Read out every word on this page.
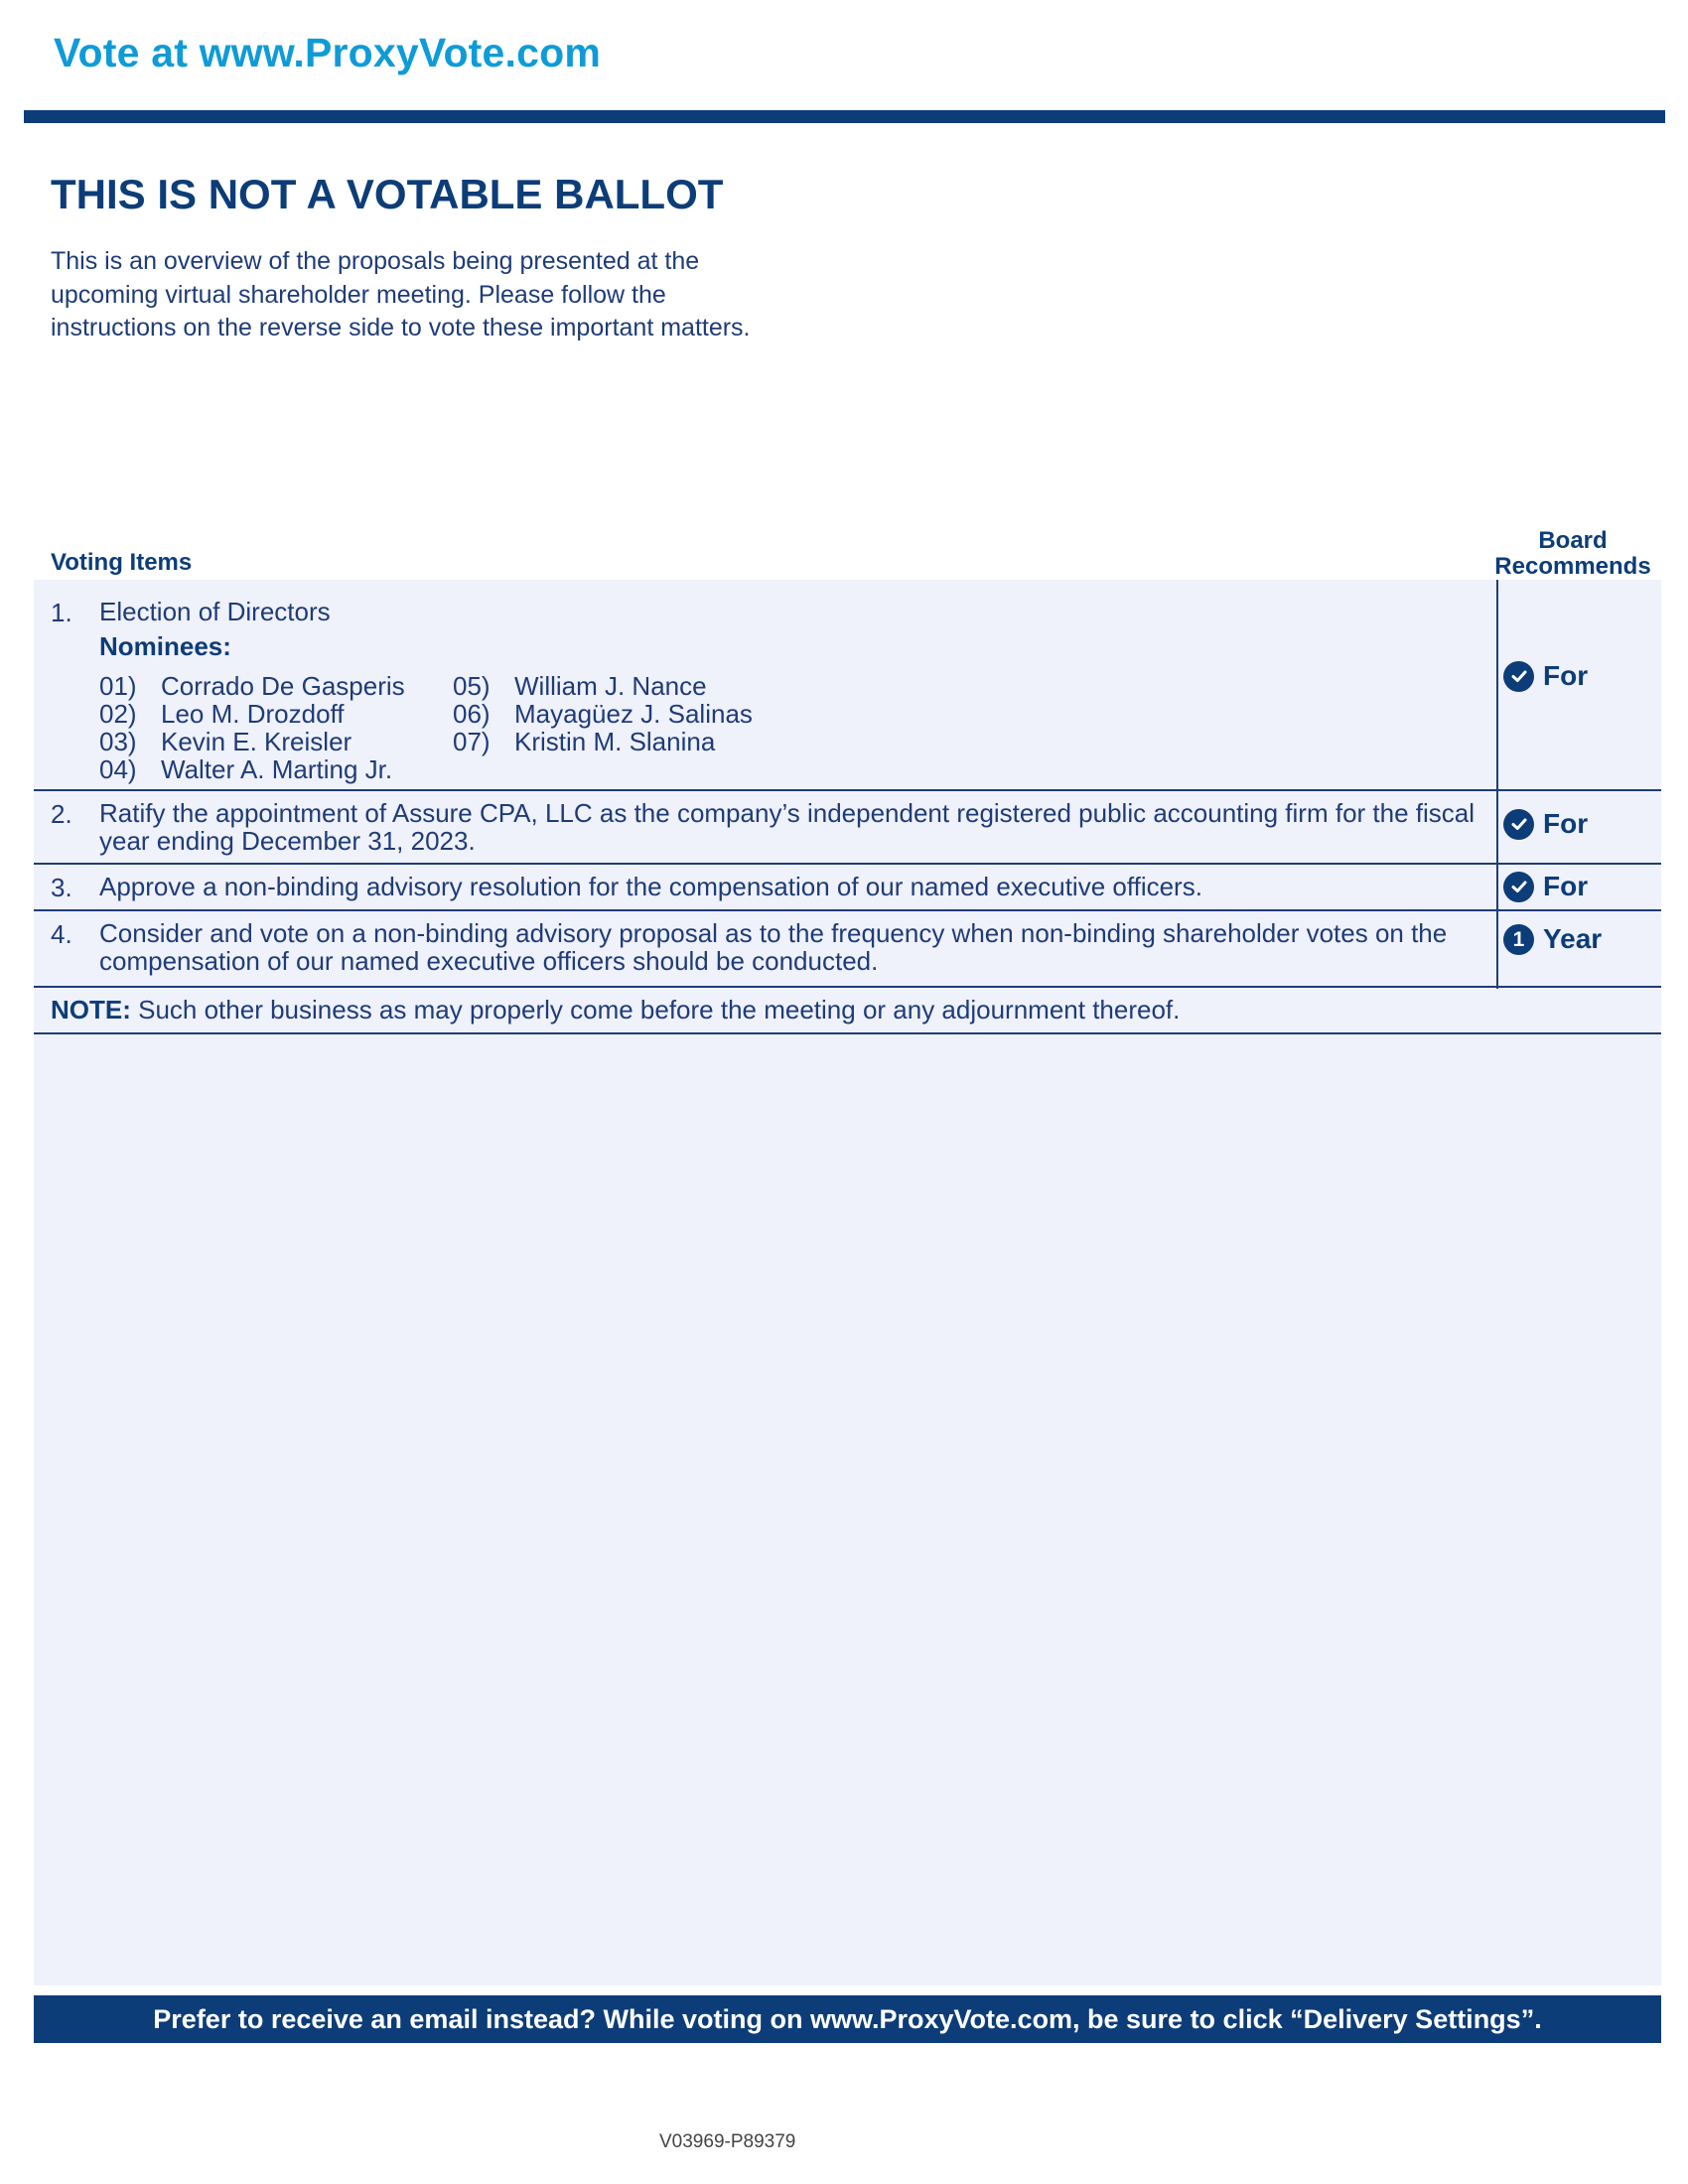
Vote at www.ProxyVote.com
THIS IS NOT A VOTABLE BALLOT
This is an overview of the proposals being presented at the upcoming virtual shareholder meeting. Please follow the instructions on the reverse side to vote these important matters.
Voting Items
Board
Recommends
1. Election of Directors
Nominees:
01) Corrado De Gasperis
02) Leo M. Drozdoff
03) Kevin E. Kreisler
04) Walter A. Marting Jr.
05) William J. Nance
06) Mayagüez J. Salinas
07) Kristin M. Slanina
For
2. Ratify the appointment of Assure CPA, LLC as the company’s independent registered public accounting firm for the fiscal year ending December 31, 2023.
For
3. Approve a non-binding advisory resolution for the compensation of our named executive officers.	For
4. Consider and vote on a non-binding advisory proposal as to the frequency when non-binding shareholder votes on the compensation of our named executive officers should be conducted.
1 Year
NOTE: Such other business as may properly come before the meeting or any adjournment thereof.
Prefer to receive an email instead? While voting on www.ProxyVote.com, be sure to click “Delivery Settings”.
V03969-P89379
